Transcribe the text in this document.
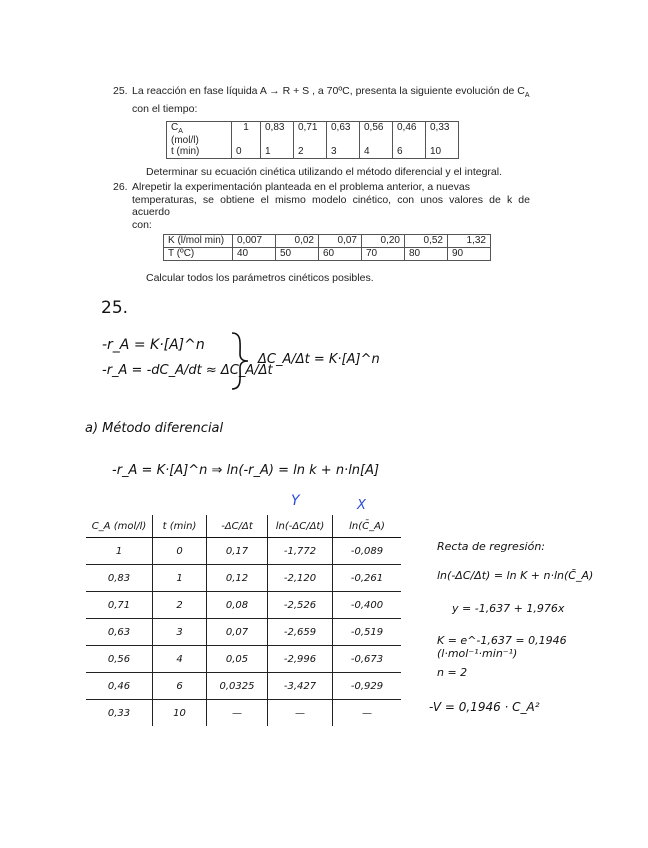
25. La reacción en fase líquida A → R + S , a 70ºC, presenta la siguiente evolución de $C_A$
con el tiempo:
$C_A$
(mol/l)	1	0,83	0,71	0,63	0,56	0,46	0,33
t (min)	0	1	2	3	4	6	10
Determinar su ecuación cinética utilizando el método diferencial y el integral.
26. Alrepetir la experimentación planteada en el problema anterior, a nuevas
temperaturas, se obtiene el mismo modelo cinético, con unos valores de k de acuerdo
con:
K (l/mol min)	0,007	0,02	0,07	0,20	0,52	1,32
T (ºC)	40	50	60	70	80	90
Calcular todos los parámetros cinéticos posibles.
25.
-r_A = K·[A]^n
-r_A = -dC_A/dt ≈ ΔC_A/Δt
ΔC_A/Δt = K·[A]^n
a) Método diferencial
-r_A = K·[A]^n ⇒ ln(-r_A) = ln k + n·ln[A]
Y	X
C_A (mol/l)	t (min)	-ΔC/Δt	ln(-ΔC/Δt)	ln(C̄_A)
1	0	0,17	-1,772	-0,089
0,83	1	0,12	-2,120	-0,261
0,71	2	0,08	-2,526	-0,400
0,63	3	0,07	-2,659	-0,519
0,56	4	0,05	-2,996	-0,673
0,46	6	0,0325	-3,427	-0,929
0,33	10	—	—	—
Recta de regresión:
ln(-ΔC/Δt) = ln K + n·ln(C̄_A)
y = -1,637 + 1,976x
K = e^-1,637 = 0,1946 (l·mol⁻¹·min⁻¹)
n = 2
-V = 0,1946 · C_A²
